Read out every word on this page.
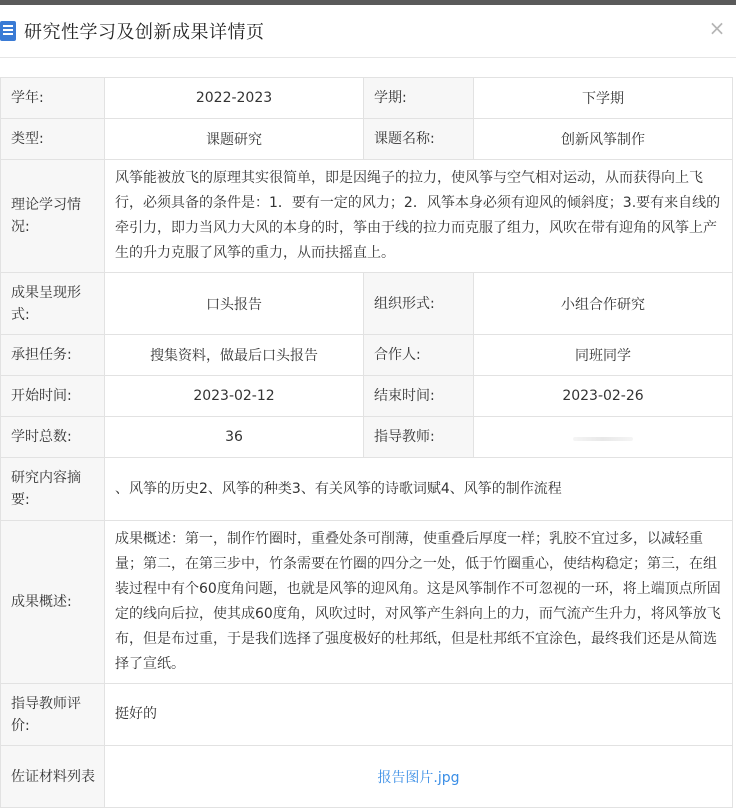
研究性学习及创新成果详情页	×
学年:	2022-2023	学期:	下学期
类型:	课题研究	课题名称:	创新风筝制作
理论学习情况:	风筝能被放飞的原理其实很简单，即是因绳子的拉力，使风筝与空气相对运动，从而获得向上飞行，必须具备的条件是：1．要有一定的风力；2．风筝本身必须有迎风的倾斜度；3.要有来自线的牵引力，即力当风力大风的本身的时，筝由于线的拉力而克服了组力，风吹在带有迎角的风筝上产生的升力克服了风筝的重力，从而扶摇直上。		
成果呈现形式:	口头报告	组织形式:	小组合作研究
承担任务:	搜集资料，做最后口头报告	合作人:	同班同学
开始时间:	2023-02-12	结束时间:	2023-02-26
学时总数:	36	指导教师:	
研究内容摘要:	、风筝的历史2、风筝的种类3、有关风筝的诗歌词赋4、风筝的制作流程		
成果概述:	成果概述：第一，制作竹圈时，重叠处条可削薄，使重叠后厚度一样；乳胶不宜过多，以减轻重量；第二，在第三步中，竹条需要在竹圈的四分之一处，低于竹圈重心，使结构稳定；第三，在组装过程中有个60度角问题，也就是风筝的迎风角。这是风筝制作不可忽视的一环，将上端顶点所固定的线向后拉，使其成60度角，风吹过时，对风筝产生斜向上的力，而气流产生升力，将风筝放飞布，但是布过重，于是我们选择了强度极好的杜邦纸，但是杜邦纸不宜涂色，最终我们还是从简选择了宣纸。		
指导教师评价:	挺好的		
佐证材料列表	报告图片.jpg		
